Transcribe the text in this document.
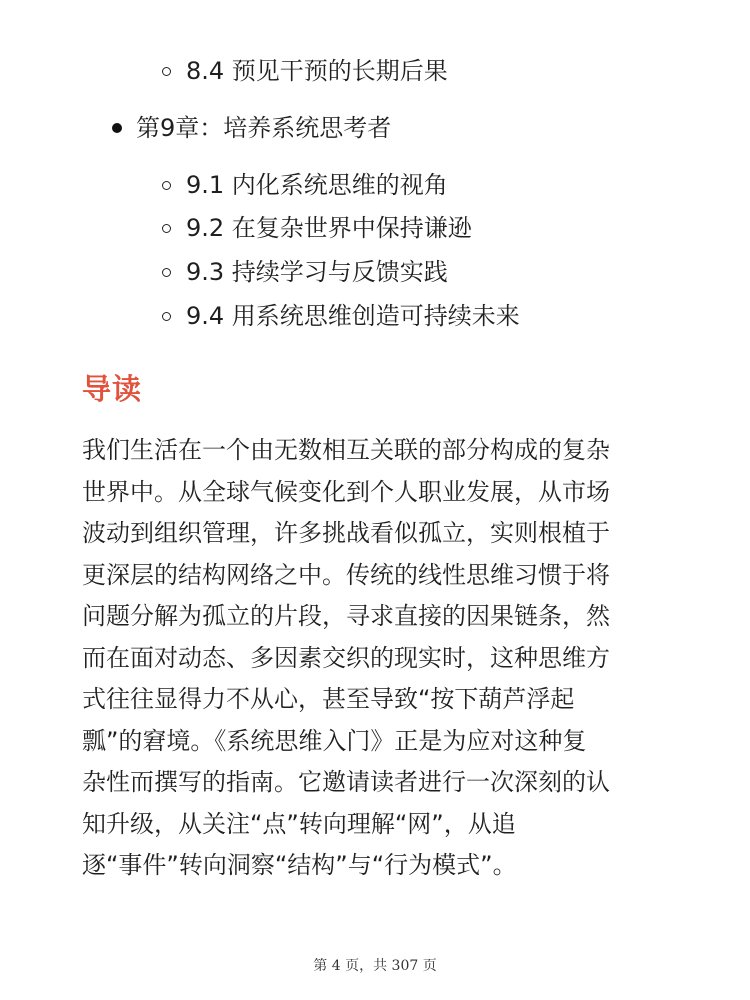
8.4 预见干预的长期后果
第9章：培养系统思考者
9.1 内化系统思维的视角
9.2 在复杂世界中保持谦逊
9.3 持续学习与反馈实践
9.4 用系统思维创造可持续未来
导读
我们生活在一个由无数相互关联的部分构成的复杂
世界中。从全球气候变化到个人职业发展，从市场
波动到组织管理，许多挑战看似孤立，实则根植于
更深层的结构网络之中。传统的线性思维习惯于将
问题分解为孤立的片段，寻求直接的因果链条，然
而在面对动态、多因素交织的现实时，这种思维方
式往往显得力不从心，甚至导致“按下葫芦浮起
瓢”的窘境。《系统思维入门》正是为应对这种复
杂性而撰写的指南。它邀请读者进行一次深刻的认
知升级，从关注“点”转向理解“网”，从追
逐“事件”转向洞察“结构”与“行为模式”。
第 4 页，共 307 页
